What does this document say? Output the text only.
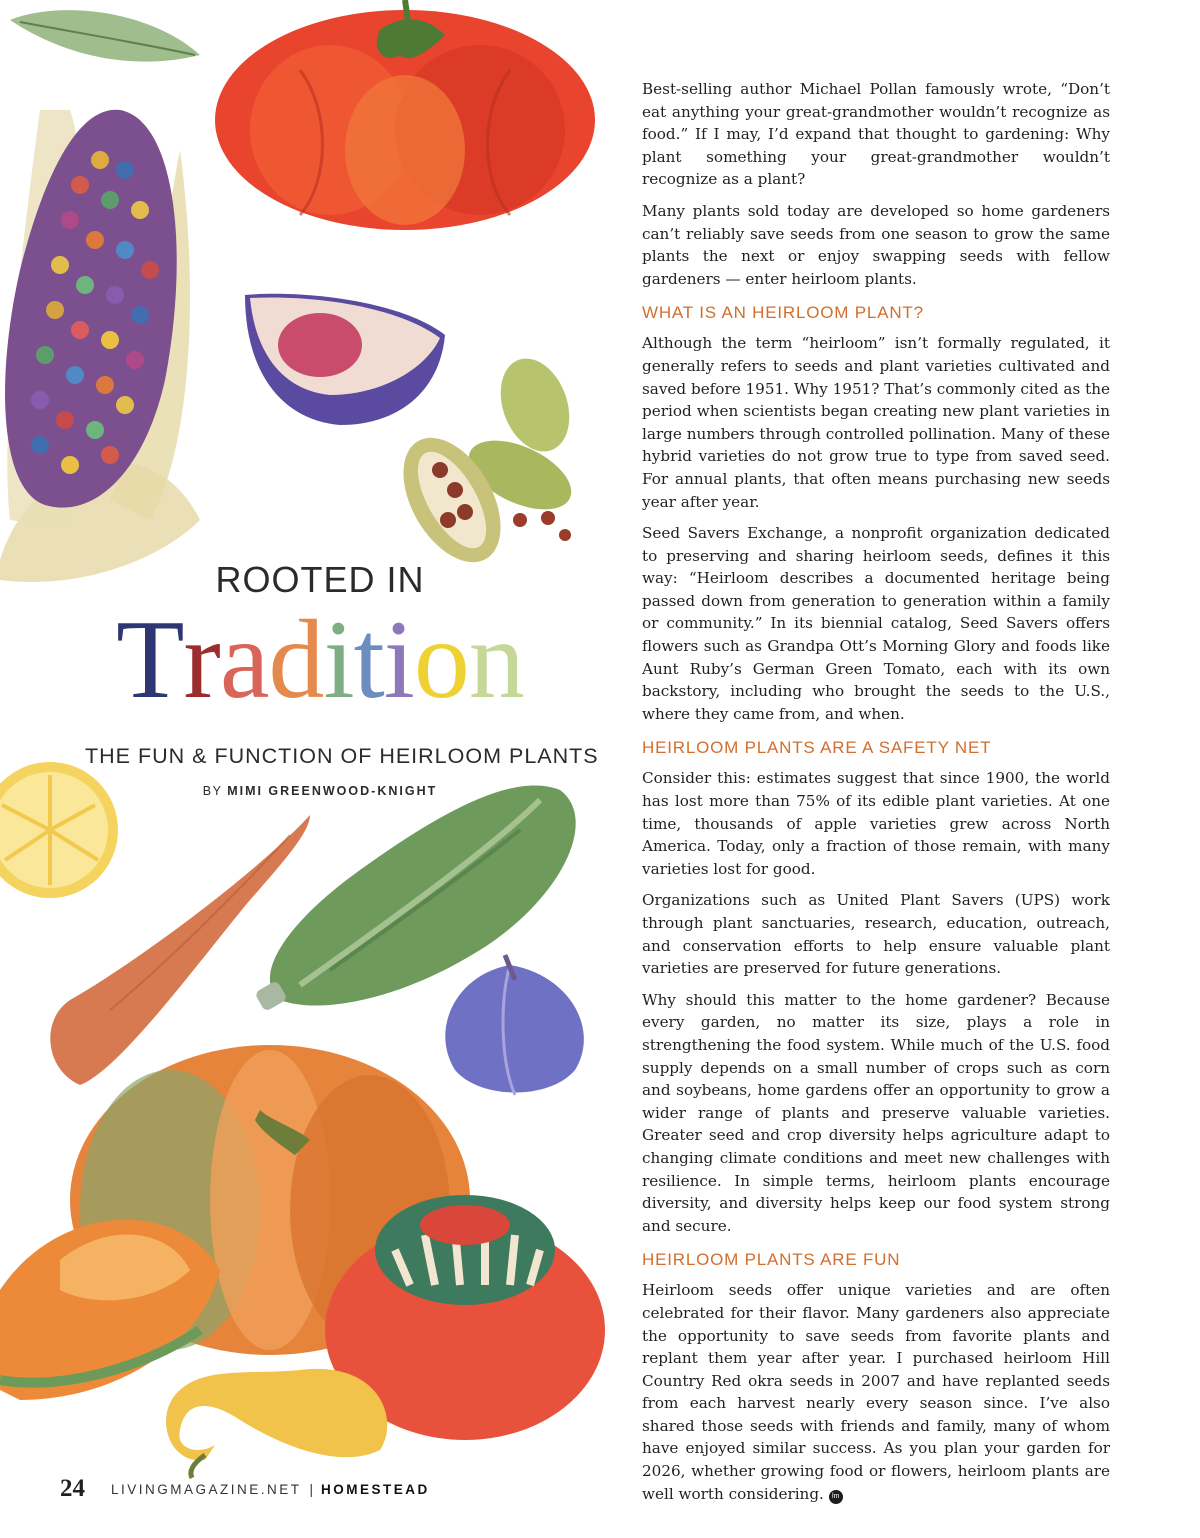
ROOTED IN

Tradition
THE FUN & FUNCTION OF HEIRLOOM PLANTS
BY MIMI GREENWOOD-KNIGHT

Best-selling author Michael Pollan famously wrote, “Don’t eat anything your great-grandmother wouldn’t recognize as food.” If I may, I’d expand that thought to gardening: Why plant something your great-grandmother wouldn’t recognize as a plant?

Many plants sold today are developed so home gardeners can’t reliably save seeds from one season to grow the same plants the next or enjoy swapping seeds with fellow gardeners — enter heirloom plants.

WHAT IS AN HEIRLOOM PLANT?

Although the term “heirloom” isn’t formally regulated, it generally refers to seeds and plant varieties cultivated and saved before 1951. Why 1951? That’s commonly cited as the period when scientists began creating new plant varieties in large numbers through controlled pollination. Many of these hybrid varieties do not grow true to type from saved seed. For annual plants, that often means purchasing new seeds year after year.

Seed Savers Exchange, a nonprofit organization dedicated to preserving and sharing heirloom seeds, defines it this way: “Heirloom describes a documented heritage being passed down from generation to generation within a family or community.” In its biennial catalog, Seed Savers offers flowers such as Grandpa Ott’s Morning Glory and foods like Aunt Ruby’s German Green Tomato, each with its own backstory, including who brought the seeds to the U.S., where they came from, and when.

HEIRLOOM PLANTS ARE A SAFETY NET

Consider this: estimates suggest that since 1900, the world has lost more than 75% of its edible plant varieties. At one time, thousands of apple varieties grew across North America. Today, only a fraction of those remain, with many varieties lost for good.

Organizations such as United Plant Savers (UPS) work through plant sanctuaries, research, education, outreach, and conservation efforts to help ensure valuable plant varieties are preserved for future generations.

Why should this matter to the home gardener? Because every garden, no matter its size, plays a role in strengthening the food system. While much of the U.S. food supply depends on a small number of crops such as corn and soybeans, home gardens offer an opportunity to grow a wider range of plants and preserve valuable varieties. Greater seed and crop diversity helps agriculture adapt to changing climate conditions and meet new challenges with resilience. In simple terms, heirloom plants encourage diversity, and diversity helps keep our food system strong and secure.

HEIRLOOM PLANTS ARE FUN

Heirloom seeds offer unique varieties and are often celebrated for their flavor. Many gardeners also appreciate the opportunity to save seeds from favorite plants and replant them year after year. I purchased heirloom Hill Country Red okra seeds in 2007 and have replanted seeds from each harvest nearly every season since. I’ve also shared those seeds with friends and family, many of whom have enjoyed similar success. As you plan your garden for 2026, whether growing food or flowers, heirloom plants are well worth considering. lm

24 LIVINGMAGAZINE.NET | HOMESTEAD
